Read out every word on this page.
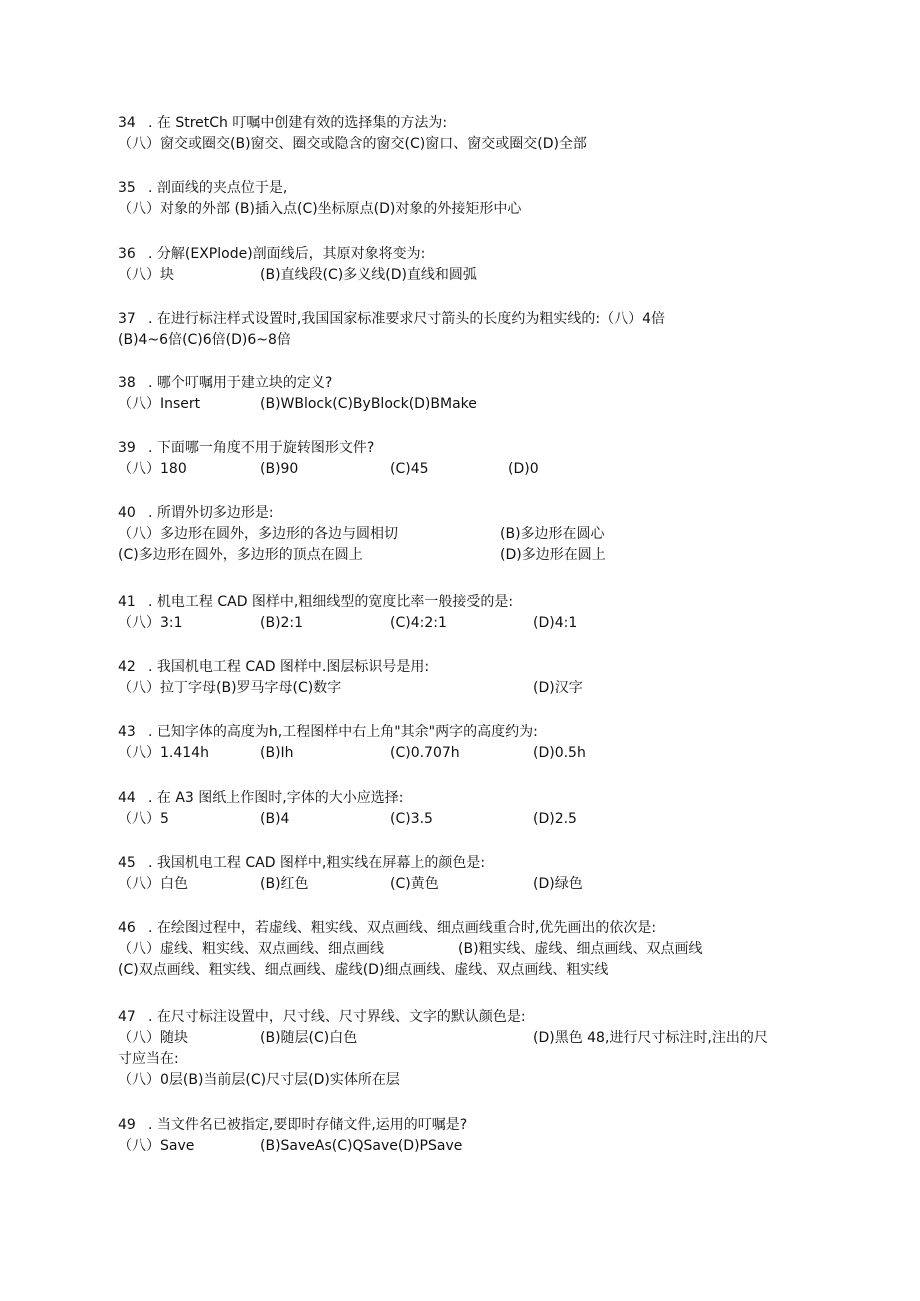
34 . 在 StretCh 叮嘱中创建有效的选择集的方法为:
（八）窗交或圈交(B)窗交、圈交或隐含的窗交(C)窗口、窗交或圈交(D)全部
35 . 剖面线的夹点位于是,
（八）对象的外部 (B)插入点(C)坐标原点(D)对象的外接矩形中心
36 . 分解(EXPlode)剖面线后，其原对象将变为:
（八）块	(B)直线段(C)多义线(D)直线和圆弧
37 . 在进行标注样式设置时,我国国家标准要求尺寸箭头的长度约为粗实线的:（八）4倍
(B)4~6倍(C)6倍(D)6~8倍
38 . 哪个叮嘱用于建立块的定义?
（八）Insert	(B)WBlock(C)ByBlock(D)BMake
39 . 下面哪一角度不用于旋转图形文件?
（八）180	(B)90	(C)45	(D)0
40 . 所谓外切多边形是:
（八）多边形在圆外，多边形的各边与圆相切	(B)多边形在圆心
(C)多边形在圆外，多边形的顶点在圆上	(D)多边形在圆上
41 . 机电工程 CAD 图样中,粗细线型的宽度比率一般接受的是:
（八）3:1	(B)2:1	(C)4:2:1	(D)4:1
42 . 我国机电工程 CAD 图样中.图层标识号是用:
（八）拉丁字母(B)罗马字母(C)数字	(D)汉字
43 . 已知字体的高度为h,工程图样中右上角"其余"两字的高度约为:
（八）1.414h	(B)Ih	(C)0.707h	(D)0.5h
44 . 在 A3 图纸上作图时,字体的大小应选择:
（八）5	(B)4	(C)3.5	(D)2.5
45 . 我国机电工程 CAD 图样中,粗实线在屏幕上的颜色是:
（八）白色	(B)红色	(C)黄色	(D)绿色
46 . 在绘图过程中，若虚线、粗实线、双点画线、细点画线重合时,优先画出的依次是:
（八）虚线、粗实线、双点画线、细点画线	(B)粗实线、虚线、细点画线、双点画线
(C)双点画线、粗实线、细点画线、虚线(D)细点画线、虚线、双点画线、粗实线
47 . 在尺寸标注设置中，尺寸线、尺寸界线、文字的默认颜色是:
（八）随块	(B)随层(C)白色	(D)黑色 48,进行尺寸标注时,注出的尺
寸应当在:
（八）0层(B)当前层(C)尺寸层(D)实体所在层
49 . 当文件名已被指定,要即时存储文件,运用的叮嘱是?
（八）Save	(B)SaveAs(C)QSave(D)PSave
